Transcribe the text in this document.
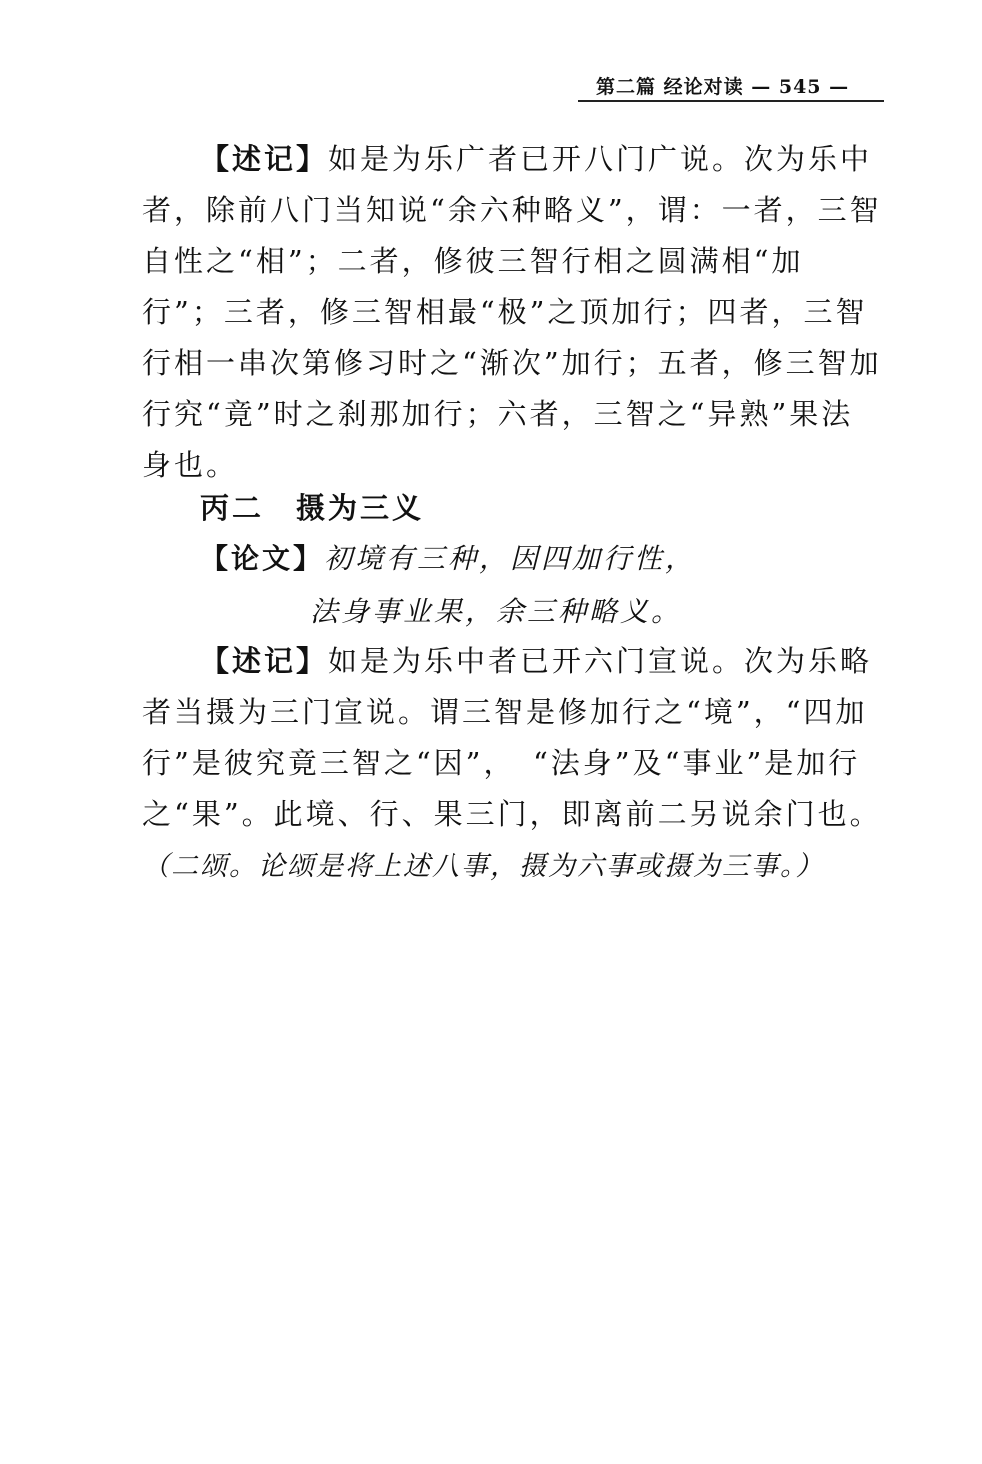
第二篇 经论对读 — 545 —

【述记】如是为乐广者已开八门广说。次为乐中者，除前八门当知说“余六种略义”，谓：一者，三智自性之“相”；二者，修彼三智行相之圆满相“加行”；三者，修三智相最“极”之顶加行；四者，三智行相一串次第修习时之“渐次”加行；五者，修三智加行究“竟”时之刹那加行；六者，三智之“异熟”果法身也。

丙二　摄为三义
【论文】初境有三种，因四加行性，
法身事业果，余三种略义。

【述记】如是为乐中者已开六门宣说。次为乐略者当摄为三门宣说。谓三智是修加行之“境”，“四加行”是彼究竟三智之“因”，　“法身”及“事业”是加行之“果”。此境、行、果三门，即离前二另说余门也。（二颂。论颂是将上述八事，摄为六事或摄为三事。）
